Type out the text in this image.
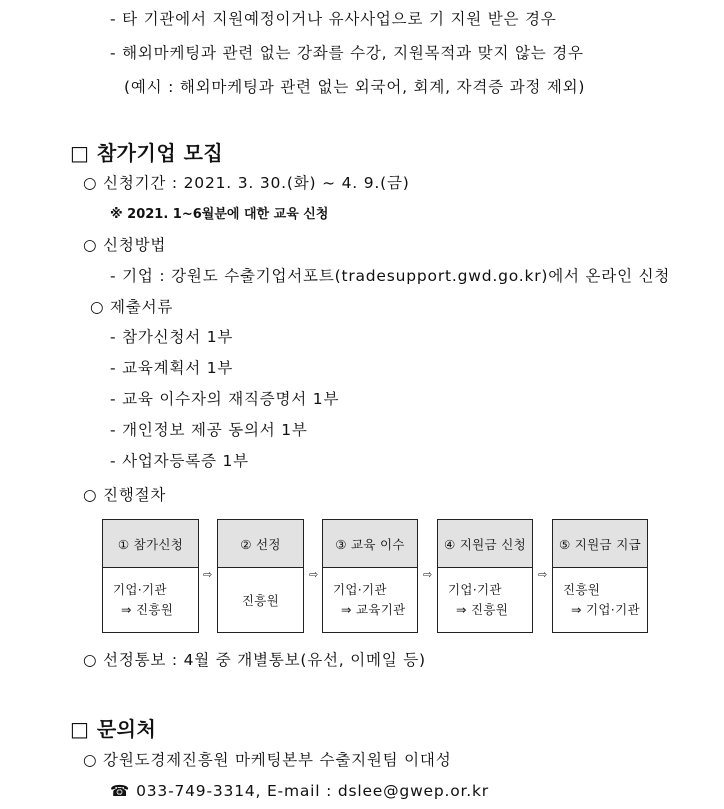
- 타 기관에서 지원예정이거나 유사사업으로 기 지원 받은 경우
- 해외마케팅과 관련 없는 강좌를 수강, 지원목적과 맞지 않는 경우
(예시 : 해외마케팅과 관련 없는 외국어, 회계, 자격증 과정 제외)
□ 참가기업 모집
○ 신청기간 : 2021. 3. 30.(화) ~ 4. 9.(금)
※ 2021. 1~6월분에 대한 교육 신청
○ 신청방법
- 기업 : 강원도 수출기업서포트(tradesupport.gwd.go.kr)에서 온라인 신청
○ 제출서류
- 참가신청서 1부
- 교육계획서 1부
- 교육 이수자의 재직증명서 1부
- 개인정보 제공 동의서 1부
- 사업자등록증 1부
○ 진행절차
① 참가신청
기업·기관
⇒ 진흥원
⇨
② 선정
진흥원
⇨
③ 교육 이수
기업·기관
⇒ 교육기관
⇨
④ 지원금 신청
기업·기관
⇒ 진흥원
⇨
⑤ 지원금 지급
진흥원
⇒ 기업·기관
○ 선정통보 : 4월 중 개별통보(유선, 이메일 등)
□ 문의처
○ 강원도경제진흥원 마케팅본부 수출지원팀 이대성
☎ 033-749-3314, E-mail : dslee@gwep.or.kr
